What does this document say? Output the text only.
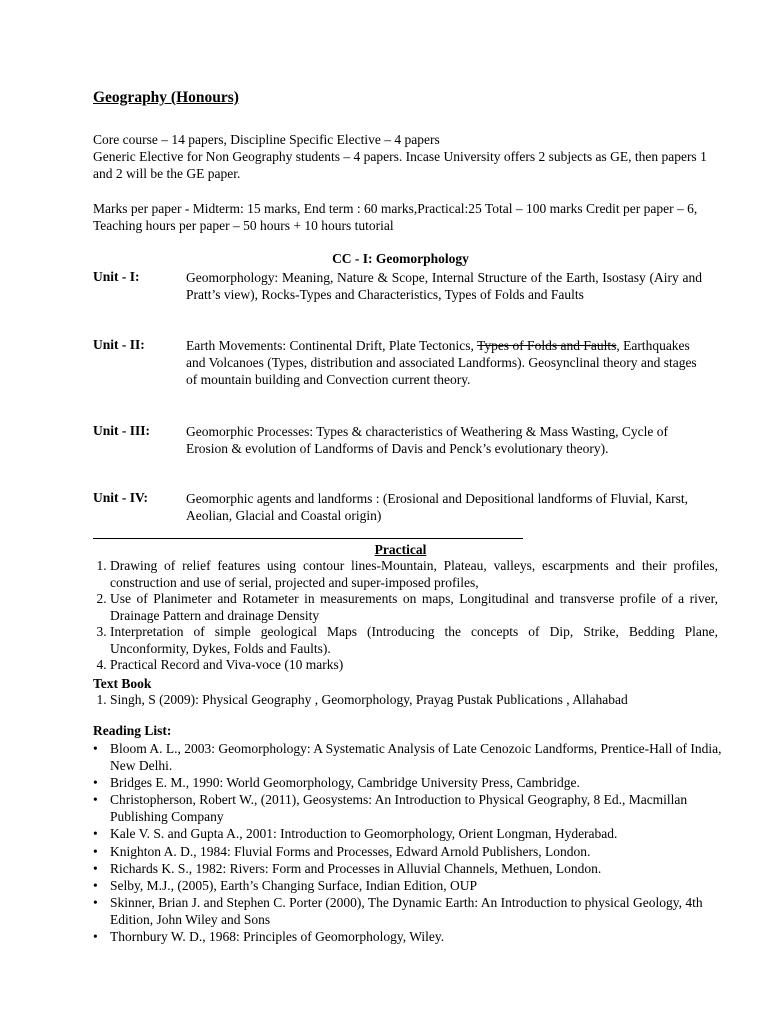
Geography (Honours)
Core course – 14 papers, Discipline Specific Elective – 4 papers
Generic Elective for Non Geography students – 4 papers. Incase University offers 2 subjects as GE, then papers 1 and 2 will be the GE paper.
Marks per paper - Midterm: 15 marks, End term : 60 marks,Practical:25 Total – 100 marks Credit per paper – 6, Teaching hours per paper – 50 hours + 10 hours tutorial
CC - I: Geomorphology
Unit - I:	Geomorphology: Meaning, Nature & Scope, Internal Structure of the Earth, Isostasy (Airy and Pratt’s view), Rocks-Types and Characteristics, Types of Folds and Faults
Unit - II:	Earth Movements: Continental Drift, Plate Tectonics, Types of Folds and Faults, Earthquakes and Volcanoes (Types, distribution and associated Landforms). Geosynclinal theory and stages of mountain building and Convection current theory.
Unit - III:	Geomorphic Processes: Types & characteristics of Weathering & Mass Wasting, Cycle of Erosion & evolution of Landforms of Davis and Penck’s evolutionary theory).
Unit - IV:	Geomorphic agents and landforms : (Erosional and Depositional landforms of Fluvial, Karst, Aeolian, Glacial and Coastal origin)
Practical
1. Drawing of relief features using contour lines-Mountain, Plateau, valleys, escarpments and their profiles, construction and use of serial, projected and super-imposed profiles,
2. Use of Planimeter and Rotameter in measurements on maps, Longitudinal and transverse profile of a river, Drainage Pattern and drainage Density
3. Interpretation of simple geological Maps (Introducing the concepts of Dip, Strike, Bedding Plane, Unconformity, Dykes, Folds and Faults).
4. Practical Record and Viva-voce (10 marks)
Text Book
1. Singh, S (2009): Physical Geography , Geomorphology, Prayag Pustak Publications , Allahabad
Reading List:
• Bloom A. L., 2003: Geomorphology: A Systematic Analysis of Late Cenozoic Landforms, Prentice-Hall of India, New Delhi.
• Bridges E. M., 1990: World Geomorphology, Cambridge University Press, Cambridge.
• Christopherson, Robert W., (2011), Geosystems: An Introduction to Physical Geography, 8 Ed., Macmillan Publishing Company
• Kale V. S. and Gupta A., 2001: Introduction to Geomorphology, Orient Longman, Hyderabad.
• Knighton A. D., 1984: Fluvial Forms and Processes, Edward Arnold Publishers, London.
• Richards K. S., 1982: Rivers: Form and Processes in Alluvial Channels, Methuen, London.
• Selby, M.J., (2005), Earth’s Changing Surface, Indian Edition, OUP
• Skinner, Brian J. and Stephen C. Porter (2000), The Dynamic Earth: An Introduction to physical Geology, 4th Edition, John Wiley and Sons
• Thornbury W. D., 1968: Principles of Geomorphology, Wiley.
